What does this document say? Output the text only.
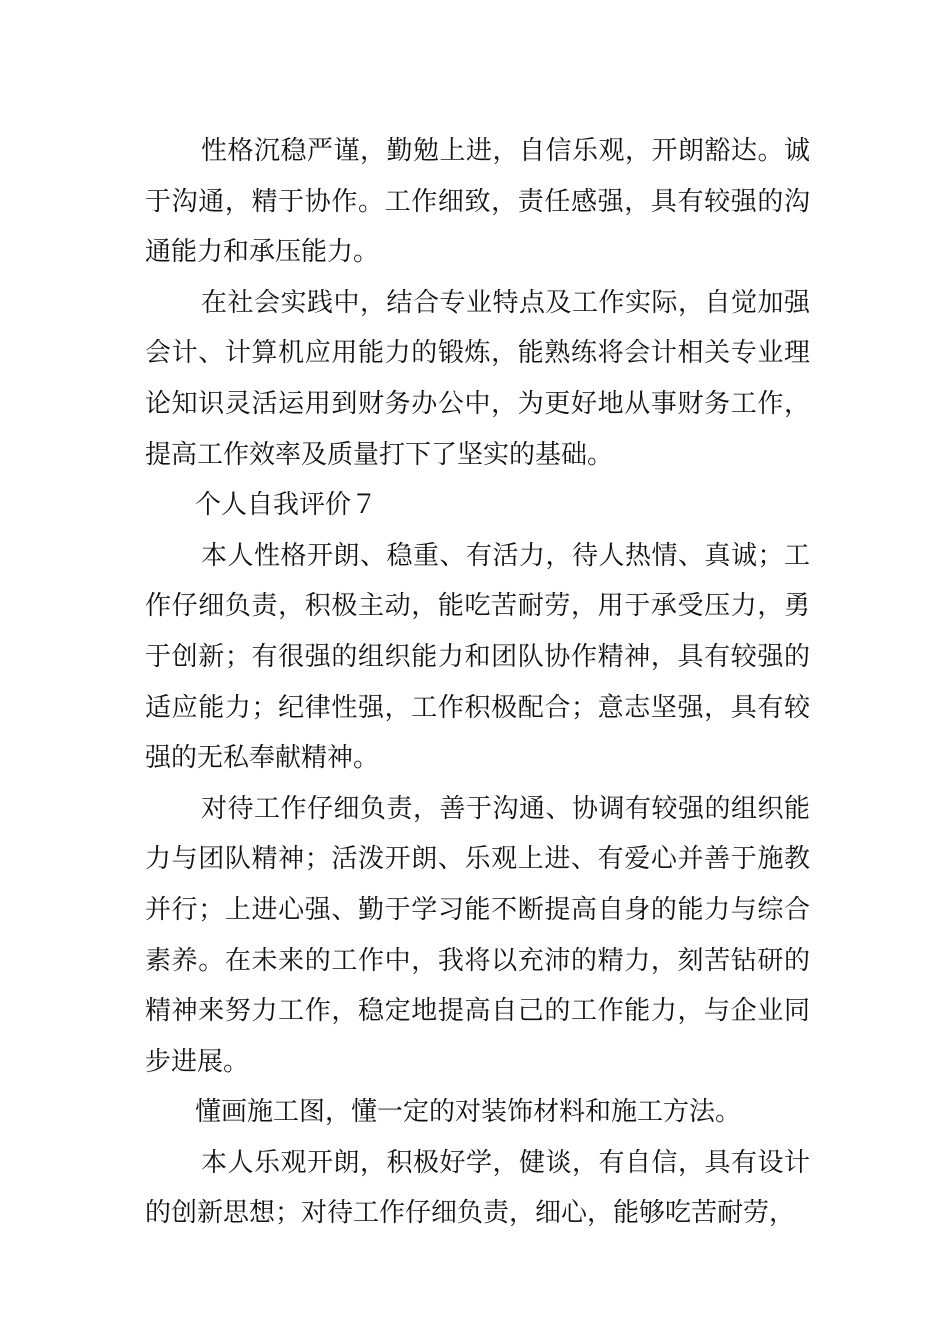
性格沉稳严谨，勤勉上进，自信乐观，开朗豁达。诚于沟通，精于协作。工作细致，责任感强，具有较强的沟通能力和承压能力。

在社会实践中，结合专业特点及工作实际，自觉加强会计、计算机应用能力的锻炼，能熟练将会计相关专业理论知识灵活运用到财务办公中，为更好地从事财务工作，提高工作效率及质量打下了坚实的基础。

个人自我评价７

本人性格开朗、稳重、有活力，待人热情、真诚；工作仔细负责，积极主动，能吃苦耐劳，用于承受压力，勇于创新；有很强的组织能力和团队协作精神，具有较强的适应能力；纪律性强，工作积极配合；意志坚强，具有较强的无私奉献精神。

对待工作仔细负责，善于沟通、协调有较强的组织能力与团队精神；活泼开朗、乐观上进、有爱心并善于施教并行；上进心强、勤于学习能不断提高自身的能力与综合素养。在未来的工作中，我将以充沛的精力，刻苦钻研的精神来努力工作，稳定地提高自己的工作能力，与企业同步进展。

懂画施工图，懂一定的对装饰材料和施工方法。

本人乐观开朗，积极好学，健谈，有自信，具有设计的创新思想；对待工作仔细负责，细心，能够吃苦耐劳，
